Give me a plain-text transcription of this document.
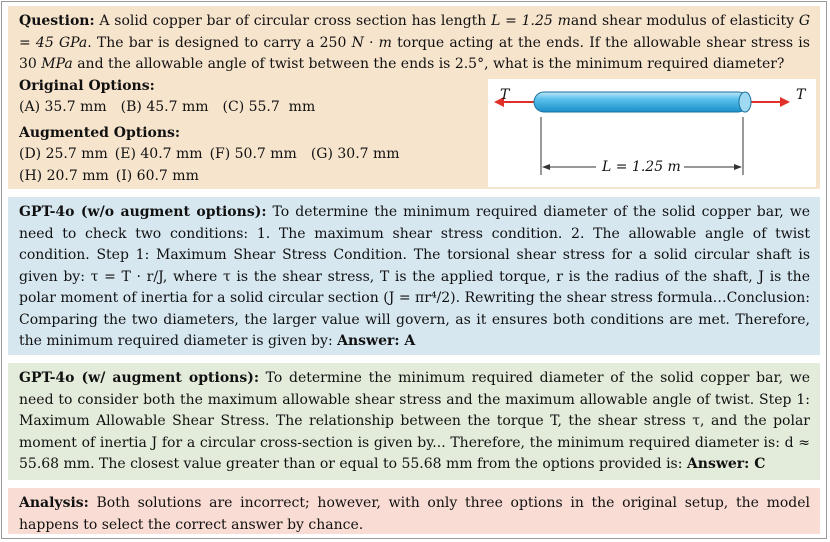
Question: A solid copper bar of circular cross section has length L = 1.25 mand shear modulus of elasticity G = 45 GPa. The bar is designed to carry a 250 N · m torque acting at the ends. If the allowable shear stress is 30 MPa and the allowable angle of twist between the ends is 2.5°, what is the minimum required diameter?
Original Options:
(A) 35.7 mm (B) 45.7 mm (C) 55.7  mm
Augmented Options:
(D) 25.7 mm (E) 40.7 mm (F) 50.7 mm (G) 30.7 mm
(H) 20.7 mm (I) 60.7 mm
T	T
L = 1.25 m
GPT-4o (w/o augment options): To determine the minimum required diameter of the solid copper bar, we need to check two conditions: 1. The maximum shear stress condition. 2. The allowable angle of twist condition. Step 1: Maximum Shear Stress Condition. The torsional shear stress for a solid circular shaft is given by: τ = T · r/J, where τ is the shear stress, T is the applied torque, r is the radius of the shaft, J is the polar moment of inertia for a solid circular section (J = πr⁴/2). Rewriting the shear stress formula…Conclusion: Comparing the two diameters, the larger value will govern, as it ensures both conditions are met. Therefore, the minimum required diameter is given by: Answer: A
GPT-4o (w/ augment options): To determine the minimum required diameter of the solid copper bar, we need to consider both the maximum allowable shear stress and the maximum allowable angle of twist. Step 1: Maximum Allowable Shear Stress. The relationship between the torque T, the shear stress τ, and the polar moment of inertia J for a circular cross-section is given by... Therefore, the minimum required diameter is: d ≈ 55.68 mm. The closest value greater than or equal to 55.68 mm from the options provided is: Answer: C
Analysis: Both solutions are incorrect; however, with only three options in the original setup, the model happens to select the correct answer by chance.
